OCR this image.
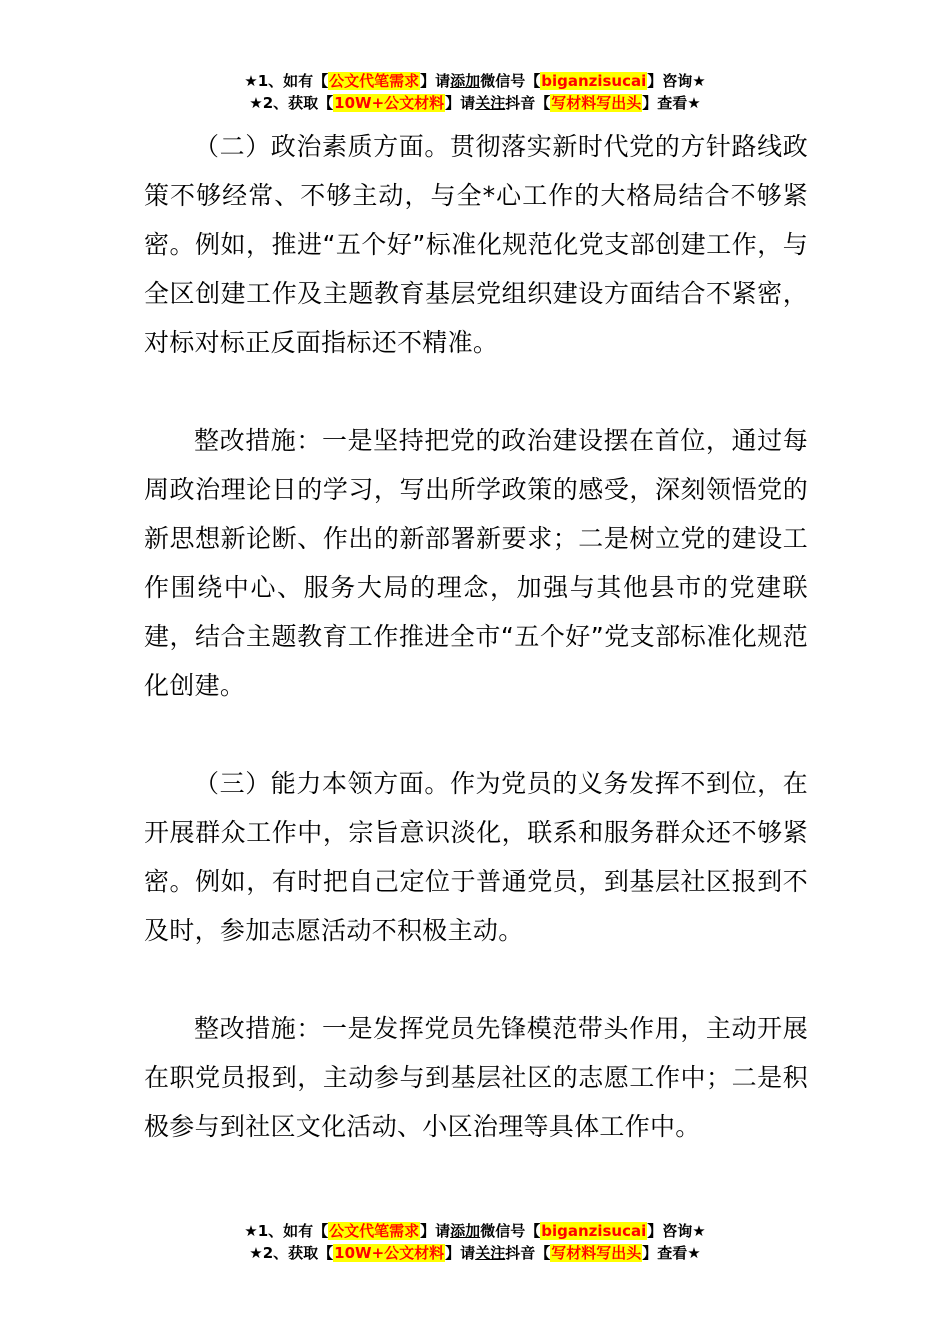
★1、如有【公文代笔需求】请添加微信号【biganzisucai】咨询★
★2、获取【10W+公文材料】请关注抖音【写材料写出头】查看★

（二）政治素质方面。贯彻落实新时代党的方针路线政策不够经常、不够主动，与全*心工作的大格局结合不够紧密。例如，推进“五个好”标准化规范化党支部创建工作，与全区创建工作及主题教育基层党组织建设方面结合不紧密，对标对标正反面指标还不精准。

整改措施：一是坚持把党的政治建设摆在首位，通过每周政治理论日的学习，写出所学政策的感受，深刻领悟党的新思想新论断、作出的新部署新要求；二是树立党的建设工作围绕中心、服务大局的理念，加强与其他县市的党建联建，结合主题教育工作推进全市“五个好”党支部标准化规范化创建。

（三）能力本领方面。作为党员的义务发挥不到位，在开展群众工作中，宗旨意识淡化，联系和服务群众还不够紧密。例如，有时把自己定位于普通党员，到基层社区报到不及时，参加志愿活动不积极主动。

整改措施：一是发挥党员先锋模范带头作用，主动开展在职党员报到，主动参与到基层社区的志愿工作中；二是积极参与到社区文化活动、小区治理等具体工作中。

★1、如有【公文代笔需求】请添加微信号【biganzisucai】咨询★
★2、获取【10W+公文材料】请关注抖音【写材料写出头】查看★
